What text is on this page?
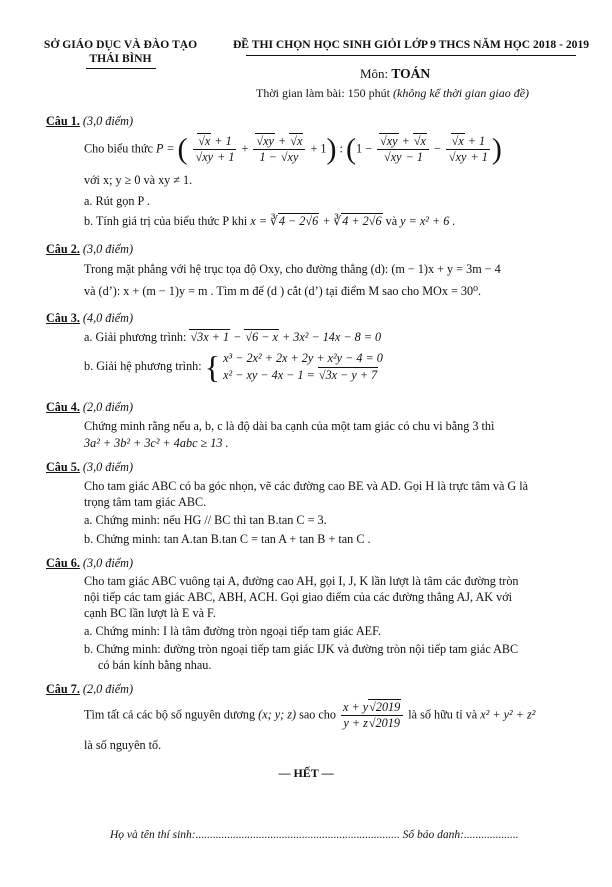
SỞ GIÁO DỤC VÀ ĐÀO TẠO
THÁI BÌNH
ĐỀ THI CHỌN HỌC SINH GIỎI LỚP 9 THCS NĂM HỌC 2018 - 2019
Môn: TOÁN
Thời gian làm bài: 150 phút (không kể thời gian giao đề)
Câu 1. (3,0 điểm)
Cho biểu thức P = ( $\frac{√x + 1}{√xy + 1} + \frac{√xy + √x}{1 - √xy} + 1$) : ($1 - \frac{√xy + √x}{√xy - 1} - \frac{√x + 1}{√xy + 1}$ )
với x; y ≥ 0 và xy ≠ 1.
a. Rút gọn P .
b. Tính giá trị của biểu thức P khi x = ∛4 − 2√6 + ∛4 + 2√6 và y = x² + 6 .
Câu 2. (3,0 điểm)
Trong mặt phẳng với hệ trục tọa độ Oxy, cho đường thẳng (d): (m − 1)x + y = 3m − 4
và (d’): x + (m − 1)y = m . Tìm m để (d ) cắt (d’) tại điểm M sao cho MOx = 30⁰.
Câu 3. (4,0 điểm)
a. Giải phương trình: √3x + 1 − √6 − x + 3x² − 14x − 8 = 0
b. Giải hệ phương trình: { x³ − 2x² + 2x + 2y + x²y − 4 = 0
x² − xy − 4x − 1 = √3x − y + 7
Câu 4. (2,0 điểm)
Chứng minh rằng nếu a, b, c là độ dài ba cạnh của một tam giác có chu vi bằng 3 thì
3a² + 3b² + 3c² + 4abc ≥ 13 .
Câu 5. (3,0 điểm)
Cho tam giác ABC có ba góc nhọn, vẽ các đường cao BE và AD. Gọi H là trực tâm và G là
trọng tâm tam giác ABC.
a. Chứng minh: nếu HG // BC thì tan B.tan C = 3.
b. Chứng minh: tan A.tan B.tan C = tan A + tan B + tan C .
Câu 6. (3,0 điểm)
Cho tam giác ABC vuông tại A, đường cao AH, gọi I, J, K lần lượt là tâm các đường tròn
nội tiếp các tam giác ABC, ABH, ACH. Gọi giao điểm của các đường thẳng AJ, AK với
cạnh BC lần lượt là E và F.
a. Chứng minh: I là tâm đường tròn ngoại tiếp tam giác AEF.
b. Chứng minh: đường tròn ngoại tiếp tam giác IJK và đường tròn nội tiếp tam giác ABC
có bán kính bằng nhau.
Câu 7. (2,0 điểm)
Tìm tất cả các bộ số nguyên dương (x; y; z) sao cho $\frac{x + y√2019}{y + z√2019}$ là số hữu tỉ và x² + y² + z²
là số nguyên tố.
— HẾT —
Họ và tên thí sinh:....................................................................... Số báo danh:...................
